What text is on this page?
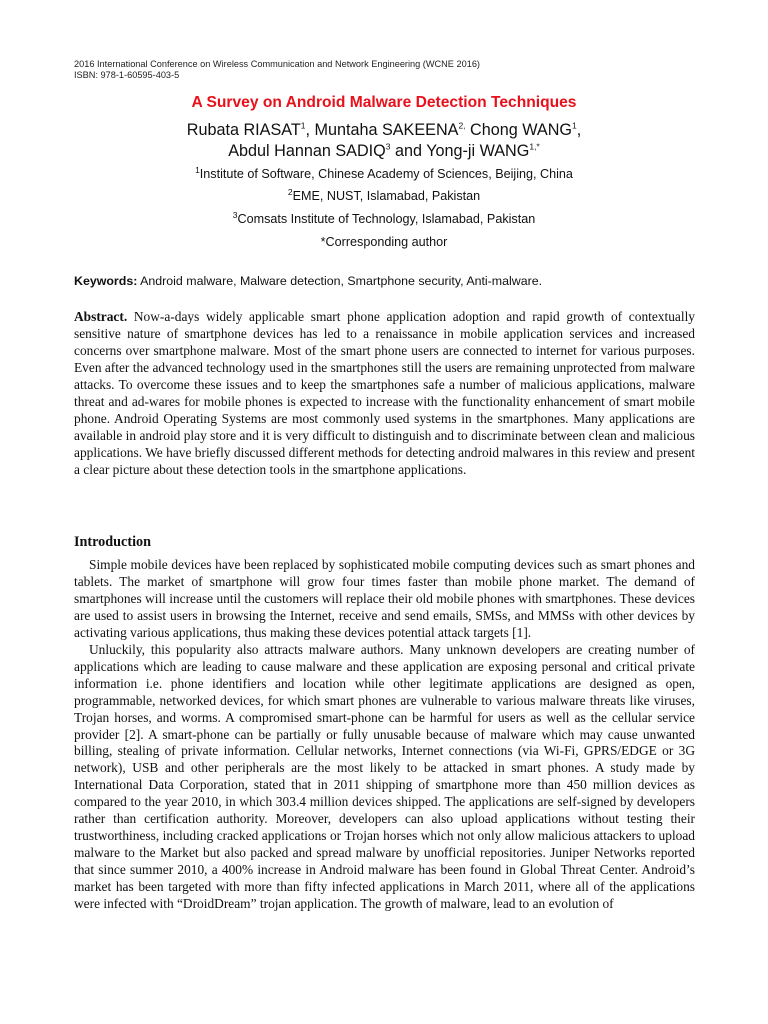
2016 International Conference on Wireless Communication and Network Engineering (WCNE 2016)
ISBN: 978-1-60595-403-5
A Survey on Android Malware Detection Techniques
Rubata RIASAT$^1$, Muntaha $SAKEENA^{2,}$ Chong WANG$^1$,
Abdul Hannan SADIQ$^3$ and Yong-ji $WANG^{1,*}$
$^1$Institute of Software, Chinese Academy of Sciences, Beijing, China
$^2$EME, NUST, Islamabad, Pakistan
$^3$Comsats Institute of Technology, Islamabad, Pakistan
*Corresponding author
Keywords: Android malware, Malware detection, Smartphone security, Anti-malware.
Abstract. Now-a-days widely applicable smart phone application adoption and rapid growth of contextually sensitive nature of smartphone devices has led to a renaissance in mobile application services and increased concerns over smartphone malware. Most of the smart phone users are connected to internet for various purposes. Even after the advanced technology used in the smartphones still the users are remaining unprotected from malware attacks. To overcome these issues and to keep the smartphones safe a number of malicious applications, malware threat and ad-wares for mobile phones is expected to increase with the functionality enhancement of smart mobile phone. Android Operating Systems are most commonly used systems in the smartphones. Many applications are available in android play store and it is very difficult to distinguish and to discriminate between clean and malicious applications. We have briefly discussed different methods for detecting android malwares in this review and present a clear picture about these detection tools in the smartphone applications.
Introduction

Simple mobile devices have been replaced by sophisticated mobile computing devices such as smart phones and tablets. The market of smartphone will grow four times faster than mobile phone market. The demand of smartphones will increase until the customers will replace their old mobile phones with smartphones. These devices are used to assist users in browsing the Internet, receive and send emails, SMSs, and MMSs with other devices by activating various applications, thus making these devices potential attack targets [1].

Unluckily, this popularity also attracts malware authors. Many unknown developers are creating number of applications which are leading to cause malware and these application are exposing personal and critical private information i.e. phone identifiers and location while other legitimate applications are designed as open, programmable, networked devices, for which smart phones are vulnerable to various malware threats like viruses, Trojan horses, and worms. A compromised smart-phone can be harmful for users as well as the cellular service provider [2]. A smart-phone can be partially or fully unusable because of malware which may cause unwanted billing, stealing of private information. Cellular networks, Internet connections (via Wi-Fi, GPRS/EDGE or 3G network), USB and other peripherals are the most likely to be attacked in smart phones. A study made by International Data Corporation, stated that in 2011 shipping of smartphone more than 450 million devices as compared to the year 2010, in which 303.4 million devices shipped. The applications are self-signed by developers rather than certification authority. Moreover, developers can also upload applications without testing their trustworthiness, including cracked applications or Trojan horses which not only allow malicious attackers to upload malware to the Market but also packed and spread malware by unofficial repositories. Juniper Networks reported that since summer 2010, a 400% increase in Android malware has been found in Global Threat Center. Android’s market has been targeted with more than fifty infected applications in March 2011, where all of the applications were infected with “DroidDream” trojan application. The growth of malware, lead to an evolution of
